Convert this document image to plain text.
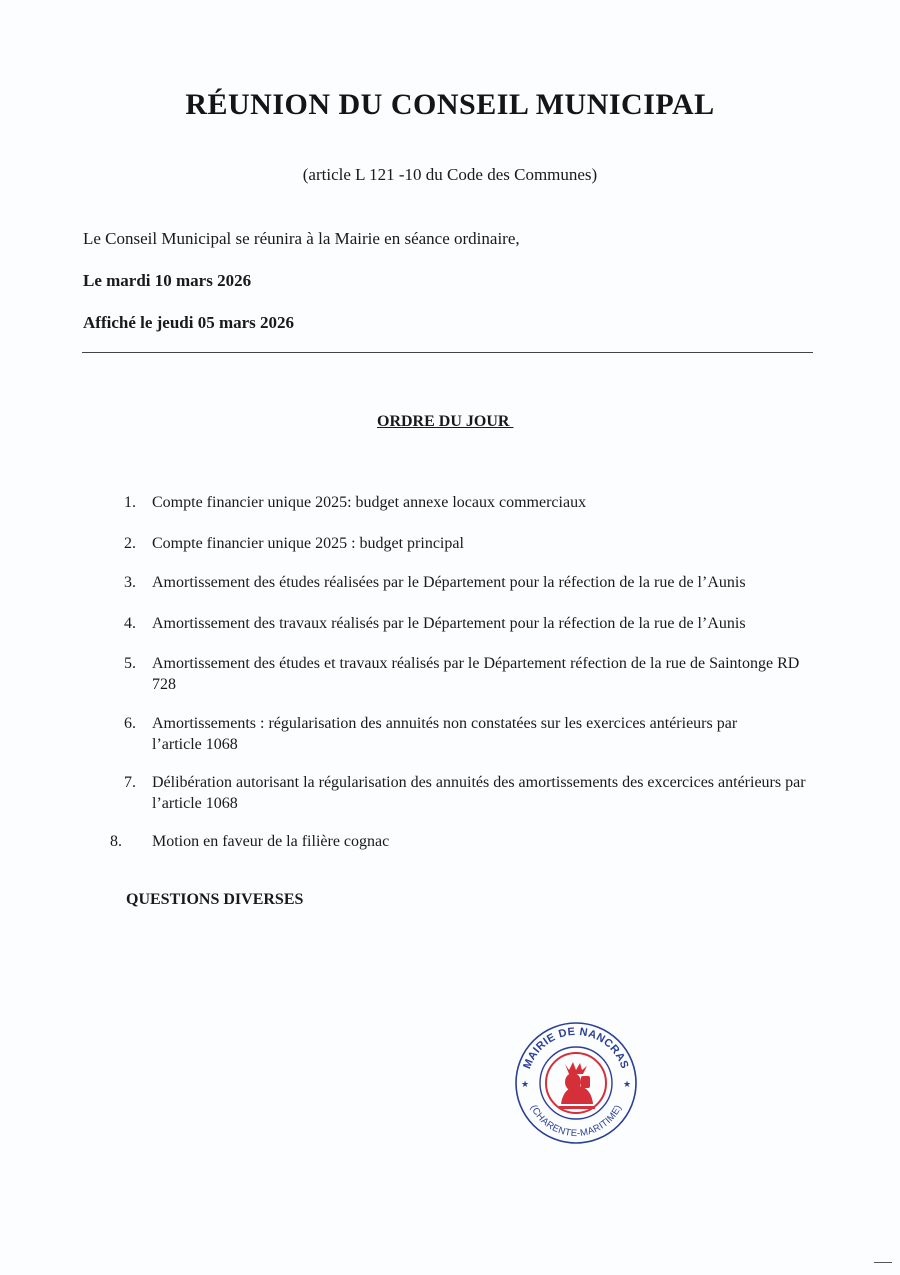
RÉUNION DU CONSEIL MUNICIPAL
(article L 121 -10 du Code des Communes)
Le Conseil Municipal se réunira à la Mairie en séance ordinaire,
Le mardi 10 mars 2026
Affiché le jeudi 05 mars 2026
ORDRE DU JOUR
1. Compte financier unique 2025: budget annexe locaux commerciaux
2. Compte financier unique 2025 : budget principal
3. Amortissement des études réalisées par le Département pour la réfection de la rue de l’Aunis
4. Amortissement des travaux réalisés par le Département pour la réfection de la rue de l’Aunis
5. Amortissement des études et travaux réalisés par le Département réfection de la rue de Saintonge RD 728
6. Amortissements : régularisation des annuités non constatées sur les exercices antérieurs par l’article 1068
7. Délibération autorisant la régularisation des annuités des amortissements des excercices antérieurs par l’article 1068
8. Motion en faveur de la filière cognac
QUESTIONS DIVERSES
MAIRIE DE NANCRAS
(CHARENTE-MARITIME)
★	★
